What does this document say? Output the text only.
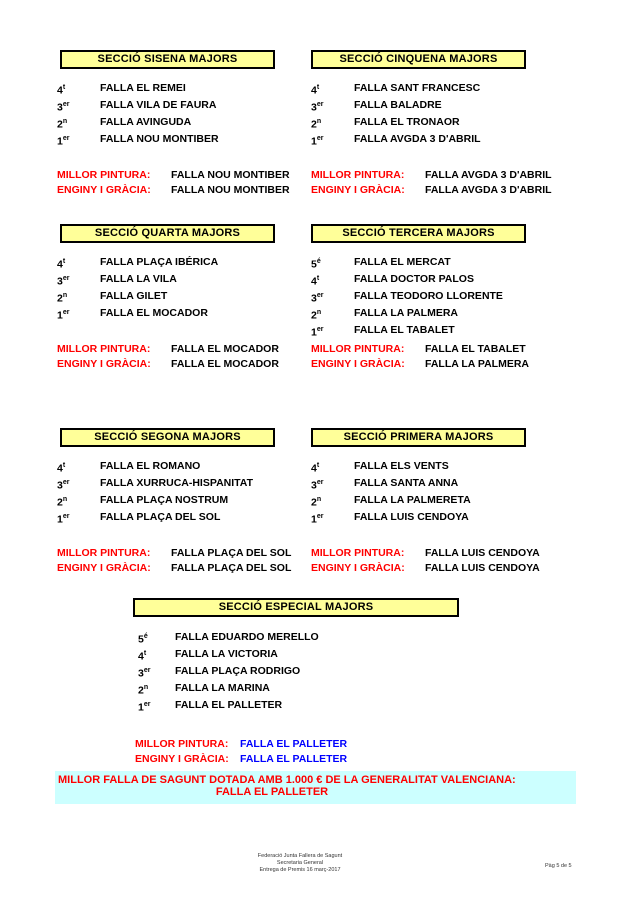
SECCIÓ SISENA MAJORS
4$^t$	FALLA EL REMEI
3er	FALLA VILA DE FAURA
2$^n$	FALLA AVINGUDA
1er	FALLA NOU MONTIBER
MILLOR PINTURA:	FALLA NOU MONTIBER
ENGINY I GRÀCIA:	FALLA NOU MONTIBER
SECCIÓ CINQUENA MAJORS
4$^t$	FALLA SANT FRANCESC
3er	FALLA BALADRE
2$^n$	FALLA EL TRONAOR
1er	FALLA AVGDA 3 D'ABRIL
MILLOR PINTURA:	FALLA AVGDA 3 D'ABRIL
ENGINY I GRÀCIA:	FALLA AVGDA 3 D'ABRIL
SECCIÓ QUARTA MAJORS
4$^t$	FALLA PLAÇA IBÉRICA
3er	FALLA LA VILA
2$^n$	FALLA GILET
1er	FALLA EL MOCADOR
MILLOR PINTURA:	FALLA EL MOCADOR
ENGINY I GRÀCIA:	FALLA EL MOCADOR
SECCIÓ TERCERA MAJORS
$5^é$	FALLA EL MERCAT
4$^t$	FALLA DOCTOR PALOS
3er	FALLA TEODORO LLORENTE
2$^n$	FALLA LA PALMERA
1er	FALLA EL TABALET
MILLOR PINTURA:	FALLA EL TABALET
ENGINY I GRÀCIA:	FALLA LA PALMERA
SECCIÓ SEGONA MAJORS
4$^t$	FALLA EL ROMANO
3er	FALLA XURRUCA-HISPANITAT
2$^n$	FALLA PLAÇA NOSTRUM
1er	FALLA PLAÇA DEL SOL
MILLOR PINTURA:	FALLA PLAÇA DEL SOL
ENGINY I GRÀCIA:	FALLA PLAÇA DEL SOL
SECCIÓ PRIMERA MAJORS
4$^t$	FALLA ELS VENTS
3er	FALLA SANTA ANNA
2$^n$	FALLA LA PALMERETA
1er	FALLA LUIS CENDOYA
MILLOR PINTURA:	FALLA LUIS CENDOYA
ENGINY I GRÀCIA:	FALLA LUIS CENDOYA
SECCIÓ ESPECIAL MAJORS
$5^é$	FALLA EDUARDO MERELLO
4$^t$	FALLA LA VICTORIA
3er	FALLA PLAÇA RODRIGO
2$^n$	FALLA LA MARINA
1er	FALLA EL PALLETER
MILLOR PINTURA:	FALLA EL PALLETER
ENGINY I GRÀCIA:	FALLA EL PALLETER
MILLOR FALLA DE SAGUNT DOTADA AMB 1.000 € DE LA GENERALITAT VALENCIANA:
FALLA EL PALLETER
Federació Junta Fallera de Sagunt
Secretaria General
Entrega de Premis 16 març-2017
Pàg 5 de 5
